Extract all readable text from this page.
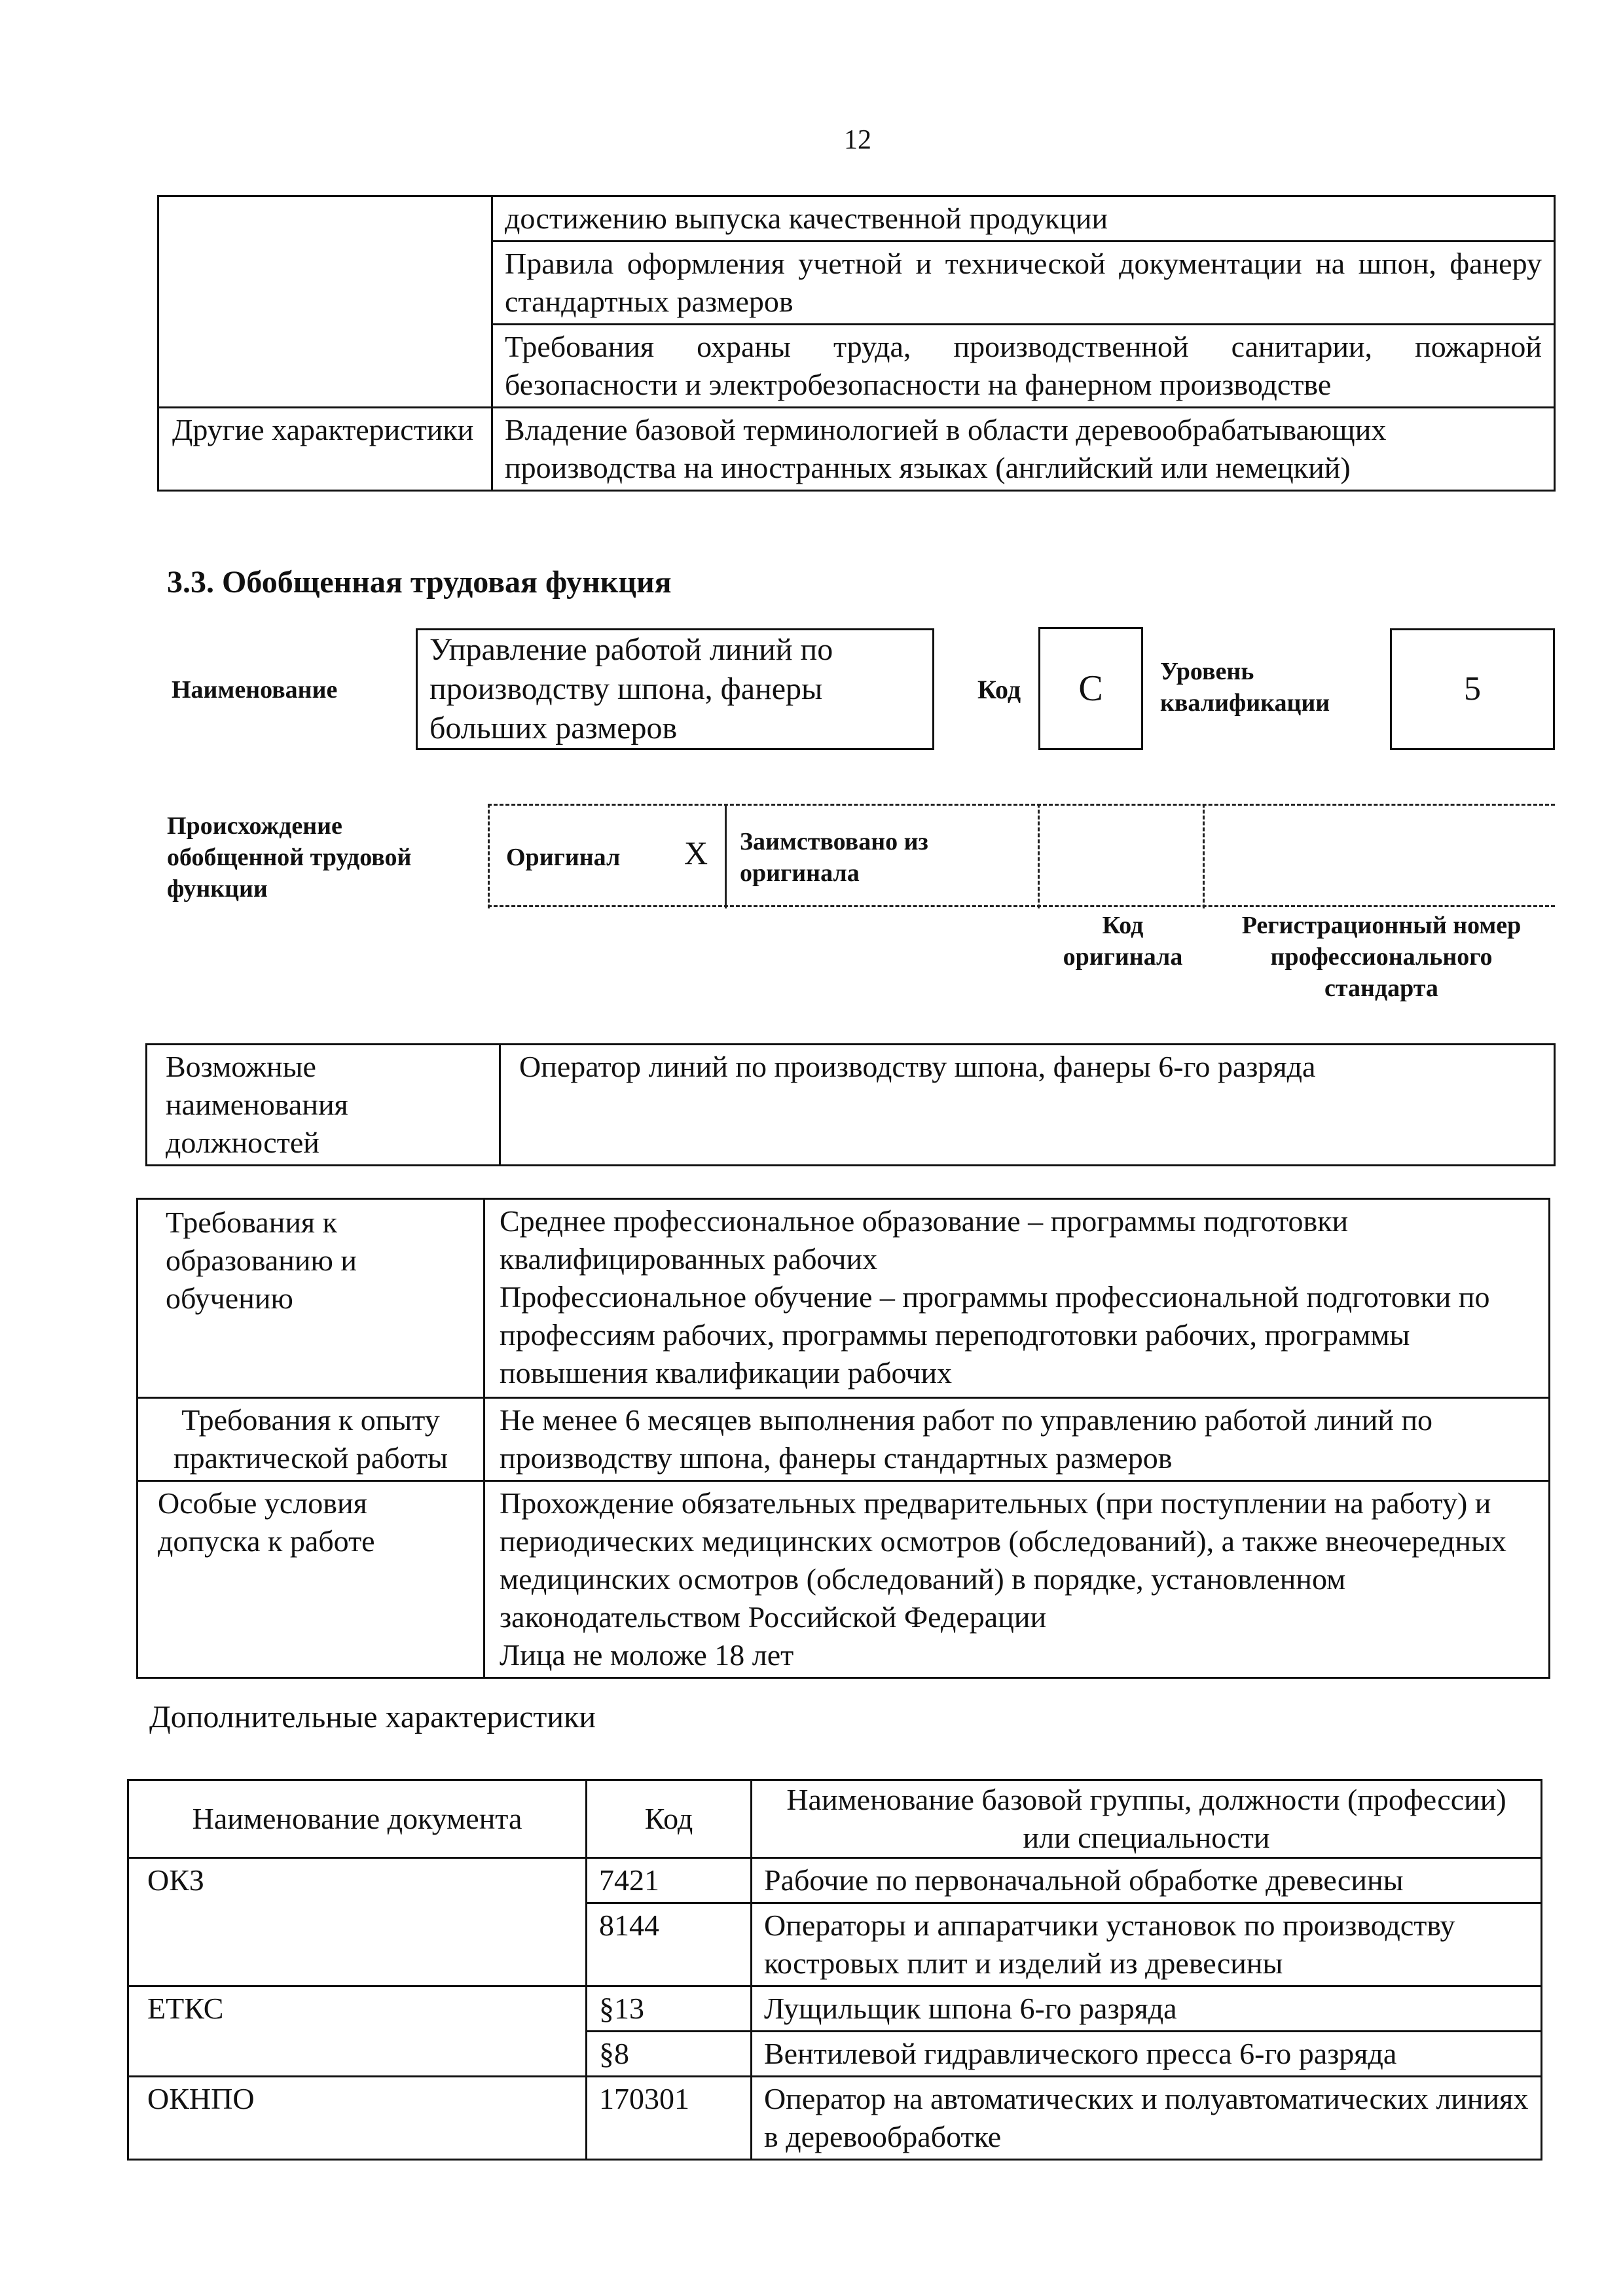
12
	достижению выпуска качественной продукции
	Правила оформления учетной и технической документации на шпон, фанеру стандартных размеров
	Требования охраны труда, производственной санитарии, пожарной безопасности и электробезопасности на фанерном производстве
Другие характеристики	Владение базовой терминологией в области деревообрабатывающих производства на иностранных языках (английский или немецкий)
3.3. Обобщенная трудовая функция
Наименование
Управление работой линий по производству шпона, фанеры больших размеров
Код	C	Уровень квалификации	5
Происхождение обобщенной трудовой функции
Оригинал X Заимствовано из оригинала
Код оригинала
Регистрационный номер профессионального стандарта
Возможные наименования должностей	Оператор линий по производству шпона, фанеры 6-го разряда
Требования к образованию и обучению	Среднее профессиональное образование – программы подготовки квалифицированных рабочих
Профессиональное обучение – программы профессиональной подготовки по профессиям рабочих, программы переподготовки рабочих, программы повышения квалификации рабочих

Требования к опыту практической работы	Не менее 6 месяцев выполнения работ по управлению работой линий по производству шпона, фанеры стандартных размеров

Особые условия допуска к работе	Прохождение обязательных предварительных (при поступлении на работу) и периодических медицинских осмотров (обследований), а также внеочередных медицинских осмотров (обследований) в порядке, установленном законодательством Российской Федерации
Лица не моложе 18 лет
Дополнительные характеристики
Наименование документа	Код	Наименование базовой группы, должности (профессии) или специальности
ОКЗ	7421	Рабочие по первоначальной обработке древесины
	8144	Операторы и аппаратчики установок по производству костровых плит и изделий из древесины
ЕТКС	§13	Лущильщик шпона 6-го разряда
	§8	Вентилевой гидравлического пресса 6-го разряда
ОКНПО	170301	Оператор на автоматических и полуавтоматических линиях в деревообработке
